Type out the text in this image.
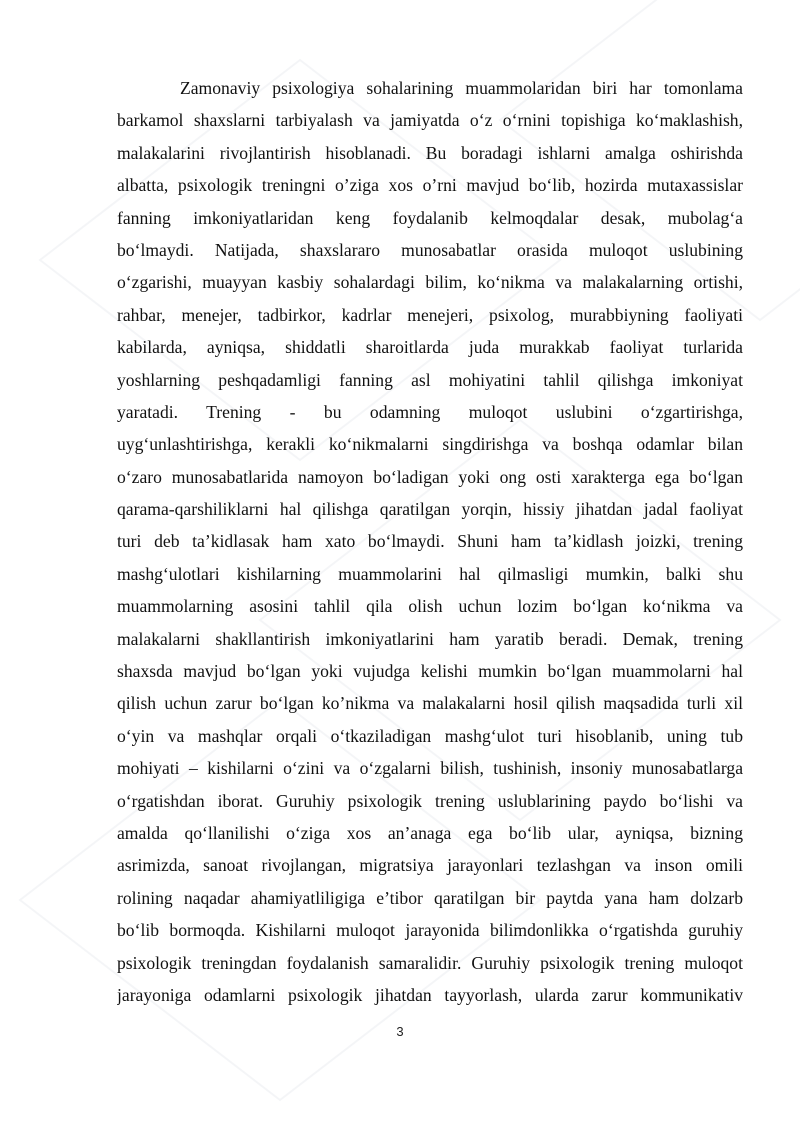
Zamonaviy psixologiya sohalarining muammolaridan biri har tomonlama
barkamol shaxslarni tarbiyalash va jamiyatda o‘z o‘rnini topishiga ko‘maklashish,
malakalarini rivojlantirish hisoblanadi. Bu boradagi ishlarni amalga oshirishda
albatta, psixologik treningni o’ziga xos o’rni mavjud bo‘lib, hozirda mutaxassislar
fanning imkoniyatlaridan keng foydalanib kelmoqdalar desak, mubolag‘a
bo‘lmaydi. Natijada, shaxslararo munosabatlar orasida muloqot uslubining
o‘zgarishi, muayyan kasbiy sohalardagi bilim, ko‘nikma va malakalarning ortishi,
rahbar, menejer, tadbirkor, kadrlar menejeri, psixolog, murabbiyning faoliyati
kabilarda, ayniqsa, shiddatli sharoitlarda juda murakkab faoliyat turlarida
yoshlarning peshqadamligi fanning asl mohiyatini tahlil qilishga imkoniyat
yaratadi. Trening - bu odamning muloqot uslubini o‘zgartirishga,
uyg‘unlashtirishga, kerakli ko‘nikmalarni singdirishga va boshqa odamlar bilan
o‘zaro munosabatlarida namoyon bo‘ladigan yoki ong osti xarakterga ega bo‘lgan
qarama-qarshiliklarni hal qilishga qaratilgan yorqin, hissiy jihatdan jadal faoliyat
turi deb ta’kidlasak ham xato bo‘lmaydi. Shuni ham ta’kidlash joizki, trening
mashg‘ulotlari kishilarning muammolarini hal qilmasligi mumkin, balki shu
muammolarning asosini tahlil qila olish uchun lozim bo‘lgan ko‘nikma va
malakalarni shakllantirish imkoniyatlarini ham yaratib beradi. Demak, trening
shaxsda mavjud bo‘lgan yoki vujudga kelishi mumkin bo‘lgan muammolarni hal
qilish uchun zarur bo‘lgan ko’nikma va malakalarni hosil qilish maqsadida turli xil
o‘yin va mashqlar orqali o‘tkaziladigan mashg‘ulot turi hisoblanib, uning tub
mohiyati – kishilarni o‘zini va o‘zgalarni bilish, tushinish, insoniy munosabatlarga
o‘rgatishdan iborat. Guruhiy psixologik trening uslublarining paydo bo‘lishi va
amalda qo‘llanilishi o‘ziga xos an’anaga ega bo‘lib ular, ayniqsa, bizning
asrimizda, sanoat rivojlangan, migratsiya jarayonlari tezlashgan va inson omili
rolining naqadar ahamiyatliligiga e’tibor qaratilgan bir paytda yana ham dolzarb
bo‘lib bormoqda. Kishilarni muloqot jarayonida bilimdonlikka o‘rgatishda guruhiy
psixologik treningdan foydalanish samaralidir. Guruhiy psixologik trening muloqot
jarayoniga odamlarni psixologik jihatdan tayyorlash, ularda zarur kommunikativ
3
